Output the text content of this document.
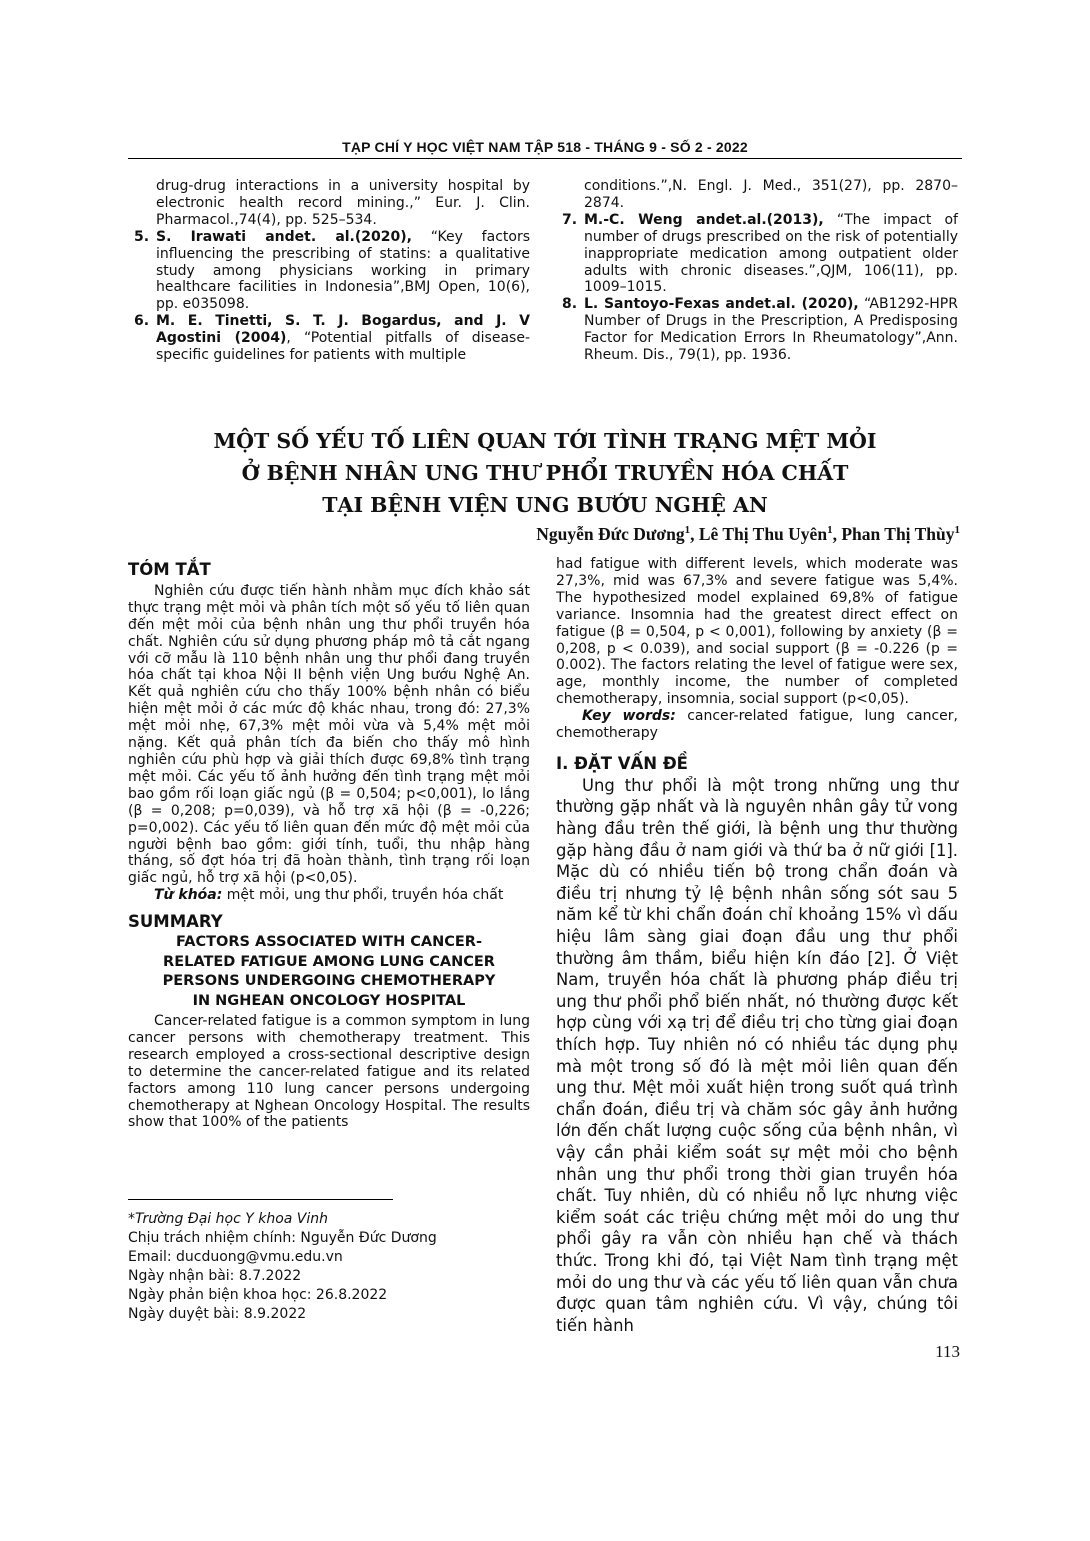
TẠP CHÍ Y HỌC VIỆT NAM TẬP 518 - THÁNG 9 - SỐ 2 - 2022
drug-drug interactions in a university hospital by electronic health record mining.,” Eur. J. Clin. Pharmacol.,74(4), pp. 525–534.
5. S. Irawati andet. al.(2020), “Key factors influencing the prescribing of statins: a qualitative study among physicians working in primary healthcare facilities in Indonesia”,BMJ Open, 10(6), pp. e035098.
6. M. E. Tinetti, S. T. J. Bogardus, and J. V Agostini (2004), “Potential pitfalls of disease-specific guidelines for patients with multiple
conditions.”,N. Engl. J. Med., 351(27), pp. 2870–2874.
7. M.-C. Weng andet.al.(2013), “The impact of number of drugs prescribed on the risk of potentially inappropriate medication among outpatient older adults with chronic diseases.”,QJM, 106(11), pp. 1009–1015.
8. L. Santoyo-Fexas andet.al. (2020), “AB1292-HPR Number of Drugs in the Prescription, A Predisposing Factor for Medication Errors In Rheumatology”,Ann. Rheum. Dis., 79(1), pp. 1936.
MỘT SỐ YẾU TỐ LIÊN QUAN TỚI TÌNH TRẠNG MỆT MỎI
Ở BỆNH NHÂN UNG THƯ PHỔI TRUYỀN HÓA CHẤT
TẠI BỆNH VIỆN UNG BƯỚU NGHỆ AN
Nguyễn Đức Dương$^1$, Lê Thị Thu Uyên$^1$, Phan Thị Thùy$^1$
TÓM TẮT

Nghiên cứu được tiến hành nhằm mục đích khảo sát thực trạng mệt mỏi và phân tích một số yếu tố liên quan đến mệt mỏi của bệnh nhân ung thư phổi truyền hóa chất. Nghiên cứu sử dụng phương pháp mô tả cắt ngang với cỡ mẫu là 110 bệnh nhân ung thư phổi đang truyền hóa chất tại khoa Nội II bệnh viện Ung bướu Nghệ An. Kết quả nghiên cứu cho thấy 100% bệnh nhân có biểu hiện mệt mỏi ở các mức độ khác nhau, trong đó: 27,3% mệt mỏi nhẹ, 67,3% mệt mỏi vừa và 5,4% mệt mỏi nặng. Kết quả phân tích đa biến cho thấy mô hình nghiên cứu phù hợp và giải thích được 69,8% tình trạng mệt mỏi. Các yếu tố ảnh hưởng đến tình trạng mệt mỏi bao gồm rối loạn giấc ngủ (β = 0,504; p<0,001), lo lắng (β = 0,208; p=0,039), và hỗ trợ xã hội (β = -0,226; p=0,002). Các yếu tố liên quan đến mức độ mệt mỏi của người bệnh bao gồm: giới tính, tuổi, thu nhập hàng tháng, số đợt hóa trị đã hoàn thành, tình trạng rối loạn giấc ngủ, hỗ trợ xã hội (p<0,05).

Từ khóa: mệt mỏi, ung thư phổi, truyền hóa chất

SUMMARY
FACTORS ASSOCIATED WITH CANCER-
RELATED FATIGUE AMONG LUNG CANCER
PERSONS UNDERGOING CHEMOTHERAPY
IN NGHEAN ONCOLOGY HOSPITAL

Cancer-related fatigue is a common symptom in lung cancer persons with chemotherapy treatment. This research employed a cross-sectional descriptive design to determine the cancer-related fatigue and its related factors among 110 lung cancer persons undergoing chemotherapy at Nghean Oncology Hospital. The results show that 100% of the patients

had fatigue with different levels, which moderate was 27,3%, mid was 67,3% and severe fatigue was 5,4%. The hypothesized model explained 69,8% of fatigue variance. Insomnia had the greatest direct effect on fatigue (β = 0,504, p < 0,001), following by anxiety (β = 0,208, p < 0.039), and social support (β = -0.226 (p = 0.002). The factors relating the level of fatigue were sex, age, monthly income, the number of completed chemotherapy, insomnia, social support (p<0,05).

Key words: cancer-related fatigue, lung cancer, chemotherapy

I. ĐẶT VẤN ĐỀ

Ung thư phổi là một trong những ung thư thường gặp nhất và là nguyên nhân gây tử vong hàng đầu trên thế giới, là bệnh ung thư thường gặp hàng đầu ở nam giới và thứ ba ở nữ giới [1]. Mặc dù có nhiều tiến bộ trong chẩn đoán và điều trị nhưng tỷ lệ bệnh nhân sống sót sau 5 năm kể từ khi chẩn đoán chỉ khoảng 15% vì dấu hiệu lâm sàng giai đoạn đầu ung thư phổi thường âm thầm, biểu hiện kín đáo [2]. Ở Việt Nam, truyền hóa chất là phương pháp điều trị ung thư phổi phổ biến nhất, nó thường được kết hợp cùng với xạ trị để điều trị cho từng giai đoạn thích hợp. Tuy nhiên nó có nhiều tác dụng phụ mà một trong số đó là mệt mỏi liên quan đến ung thư. Mệt mỏi xuất hiện trong suốt quá trình chẩn đoán, điều trị và chăm sóc gây ảnh hưởng lớn đến chất lượng cuộc sống của bệnh nhân, vì vậy cần phải kiểm soát sự mệt mỏi cho bệnh nhân ung thư phổi trong thời gian truyền hóa chất. Tuy nhiên, dù có nhiều nỗ lực nhưng việc kiểm soát các triệu chứng mệt mỏi do ung thư phổi gây ra vẫn còn nhiều hạn chế và thách thức. Trong khi đó, tại Việt Nam tình trạng mệt mỏi do ung thư và các yếu tố liên quan vẫn chưa được quan tâm nghiên cứu. Vì vậy, chúng tôi tiến hành

*Trường Đại học Y khoa Vinh
Chịu trách nhiệm chính: Nguyễn Đức Dương
Email: ducduong@vmu.edu.vn
Ngày nhận bài: 8.7.2022
Ngày phản biện khoa học: 26.8.2022
Ngày duyệt bài: 8.9.2022
113
